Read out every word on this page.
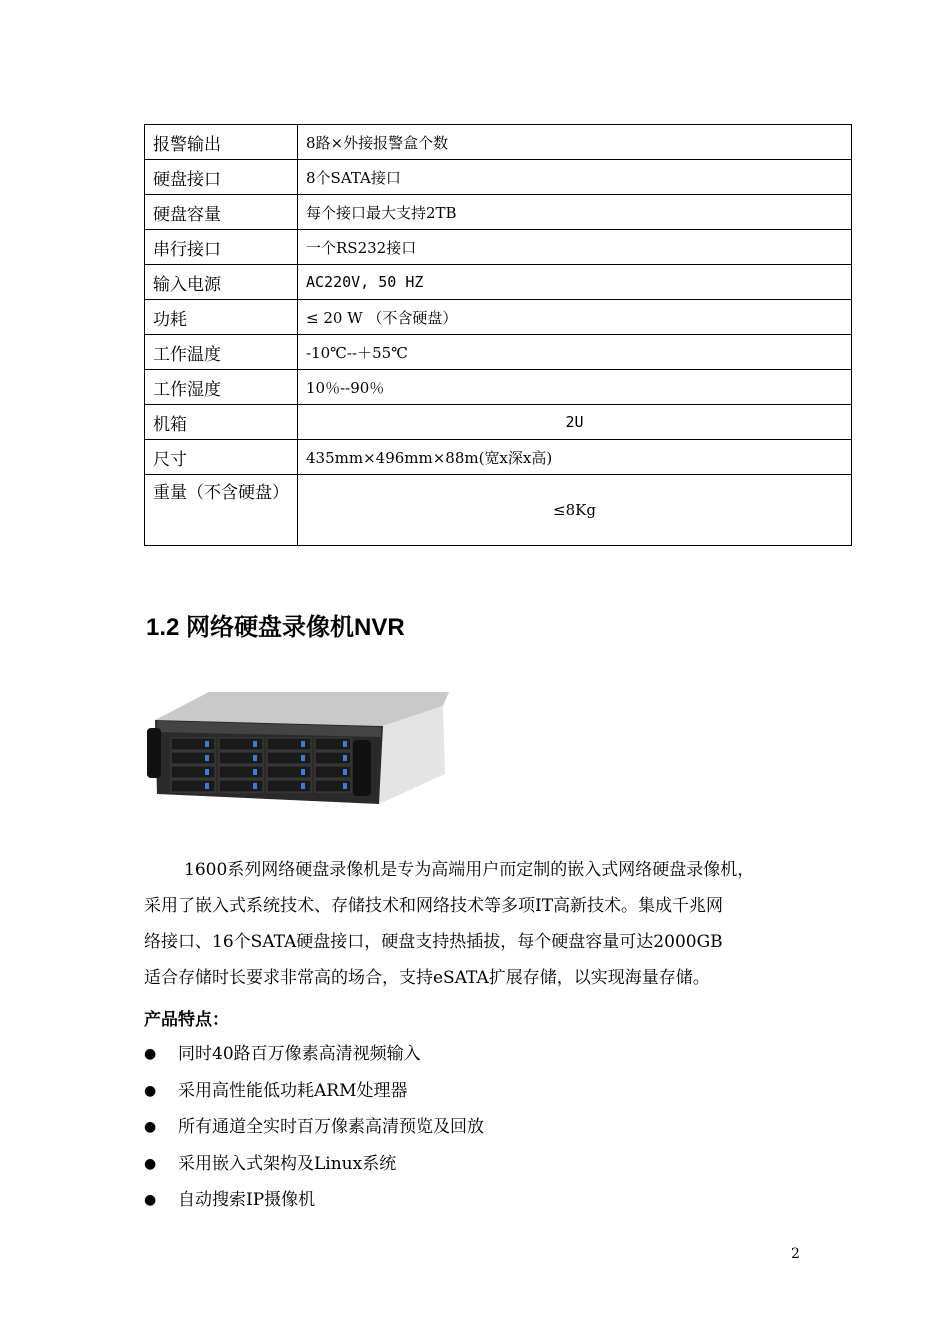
报警输出	8路×外接报警盒个数
硬盘接口	8个SATA接口
硬盘容量	每个接口最大支持2TB
串行接口	一个RS232接口
输入电源	AC220V, 50 HZ
功耗	≤ 20 W （不含硬盘）
工作温度	-10℃--＋55℃
工作湿度	10％--90％
机箱	2U
尺寸	435mm×496mm×88m(宽x深x高)
重量（不含硬盘）	≤8Kg
1.2 网络硬盘录像机NVR

1600系列网络硬盘录像机是专为高端用户而定制的嵌入式网络硬盘录像机，

采用了嵌入式系统技术、存储技术和网络技术等多项IT高新技术。集成千兆网

络接口、16个SATA硬盘接口，硬盘支持热插拔，每个硬盘容量可达2000GB

适合存储时长要求非常高的场合，支持eSATA扩展存储，以实现海量存储。

产品特点：

● 同时40路百万像素高清视频输入
● 采用高性能低功耗ARM处理器
● 所有通道全实时百万像素高清预览及回放
● 采用嵌入式架构及Linux系统
● 自动搜索IP摄像机
2
